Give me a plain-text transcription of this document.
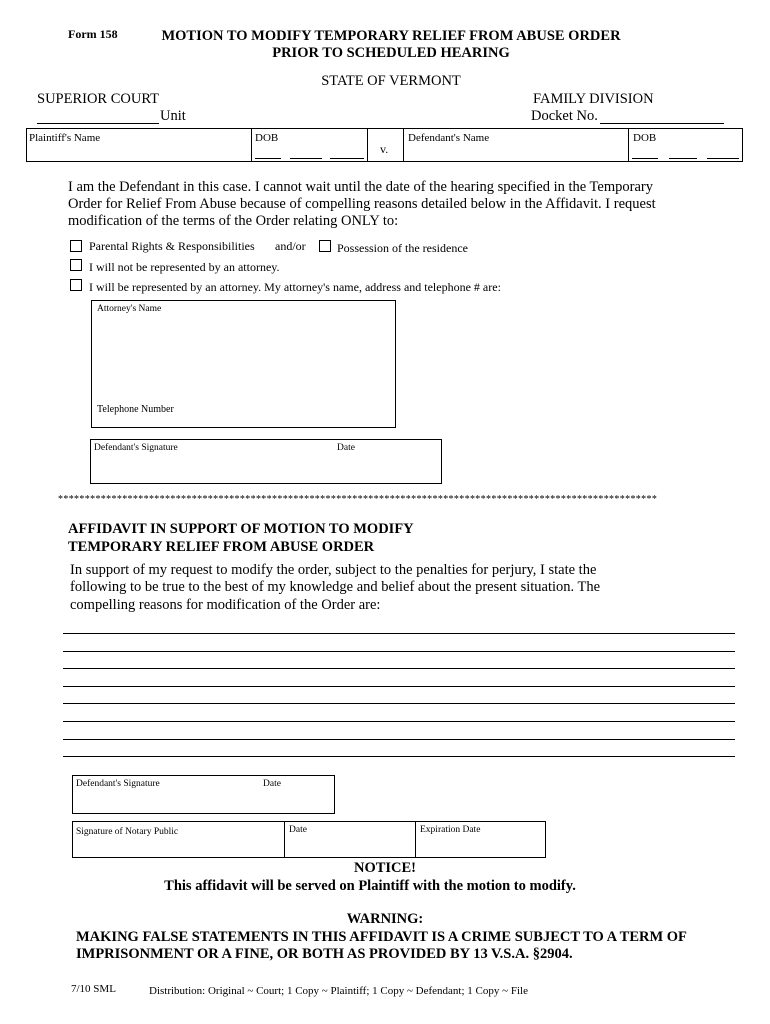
Form 158	MOTION TO MODIFY TEMPORARY RELIEF FROM ABUSE ORDER
PRIOR TO SCHEDULED HEARING
STATE OF VERMONT
SUPERIOR COURT
Unit
FAMILY DIVISION
Docket No.
Plaintiff's Name	DOB
v.
Defendant's Name	DOB
I am the Defendant in this case. I cannot wait until the date of the hearing specified in the Temporary
Order for Relief From Abuse because of compelling reasons detailed below in the Affidavit. I request
modification of the terms of the Order relating ONLY to:
Parental Rights & Responsibilities and/or	Possession of the residence
I will not be represented by an attorney.
I will be represented by an attorney. My attorney's name, address and telephone # are:
Attorney's Name
Telephone Number
Defendant's Signature	Date
****************************************************************************************************************
AFFIDAVIT IN SUPPORT OF MOTION TO MODIFY
TEMPORARY RELIEF FROM ABUSE ORDER
In support of my request to modify the order, subject to the penalties for perjury, I state the
following to be true to the best of my knowledge and belief about the present situation. The
compelling reasons for modification of the Order are:
Defendant's Signature	Date
Signature of Notary Public	Date	Expiration Date
NOTICE!
This affidavit will be served on Plaintiff with the motion to modify.
WARNING:
MAKING FALSE STATEMENTS IN THIS AFFIDAVIT IS A CRIME SUBJECT TO A TERM OF
IMPRISONMENT OR A FINE, OR BOTH AS PROVIDED BY 13 V.S.A. §2904.
7/10 SML	Distribution: Original ~ Court; 1 Copy ~ Plaintiff; 1 Copy ~ Defendant; 1 Copy ~ File
